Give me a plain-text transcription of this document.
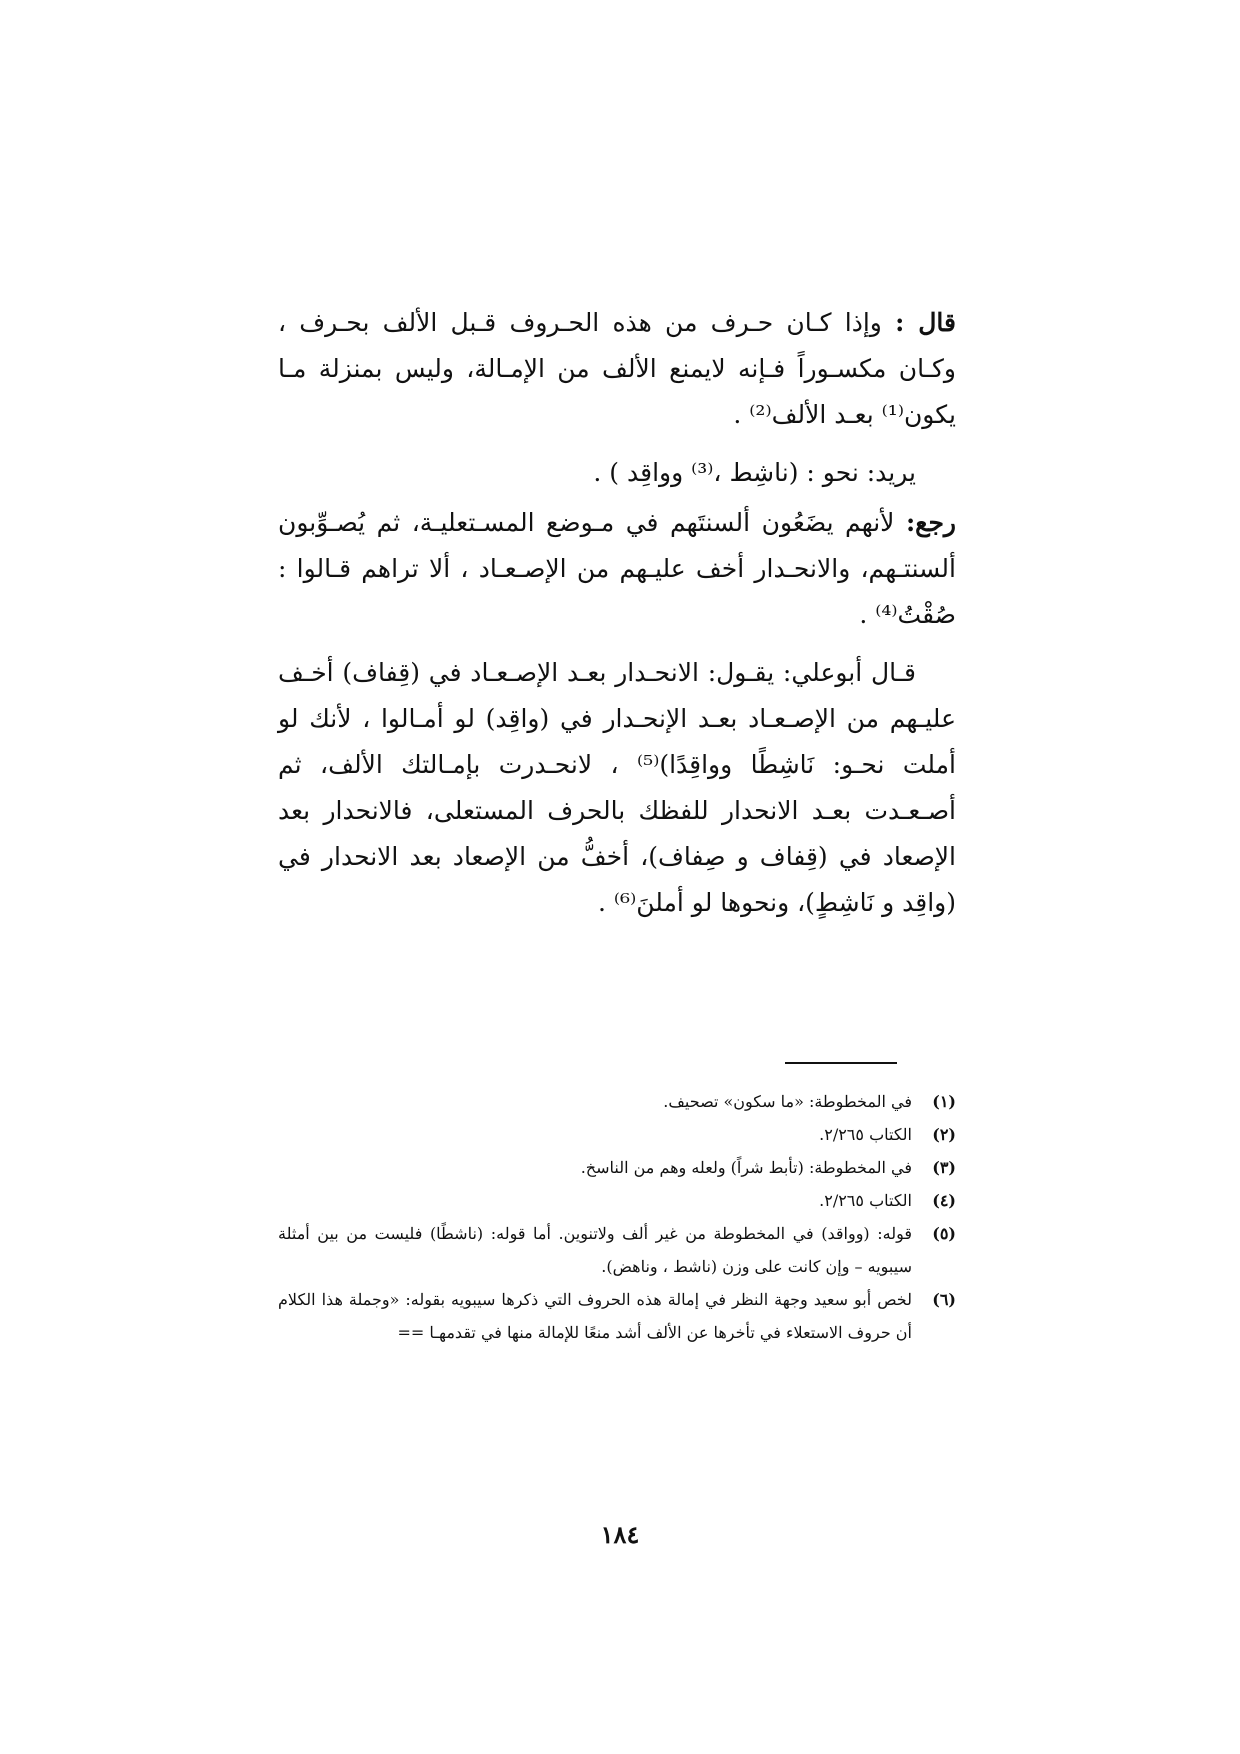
قال : وإذا كـان حـرف من هذه الحـروف قـبل الألف بحـرف ، وكـان مكسـوراً فـإنه لايمنع الألف من الإمـالة، وليس بمنزلة مـا يكون⁽¹⁾ بعـد الألف⁽²⁾ .

يريد: نحو : (ناشِط ،⁽³⁾ وواقِد ) .

رجع: لأنهم يضَعُون ألسنتَهم في مـوضع المسـتعليـة، ثم يُصـوِّبون ألسنتـهم، والانحـدار أخف عليـهم من الإصـعـاد ، ألا تراهم قـالوا : صُقْتُ⁽⁴⁾ .

قـال أبوعلي: يقـول: الانحـدار بعـد الإصـعـاد في (قِفاف) أخـف عليـهم من الإصـعـاد بعـد الإنحـدار في (واقِد) لو أمـالوا ، لأنك لو أملت نحـو: نَاشِطًا وواقِدًا)⁽⁵⁾ ، لانحـدرت بإمـالتك الألف، ثم أصـعـدت بعـد الانحدار للفظك بالحرف المستعلى، فالانحدار بعد الإصعاد في (قِفاف و صِفاف)، أخفُّ من الإصعاد بعد الانحدار في (واقِد و نَاشِطٍ)، ونحوها لو أملنَ⁽⁶⁾ .

(١)
في المخطوطة: «ما سكون» تصحيف.
(٢)
الكتاب ٢/٢٦٥.
(٣)
في المخطوطة: (تأبط شراً) ولعله وهم من الناسخ.
(٤)
الكتاب ٢/٢٦٥.
(٥)
قوله: (وواقد) في المخطوطة من غير ألف ولاتنوين. أما قوله: (ناشطًا) فليست من بين أمثلة سيبويه – وإن كانت على وزن (ناشط ، وناهض).
(٦)
لخص أبو سعيد وجهة النظر في إمالة هذه الحروف التي ذكرها سيبويه بقوله: «وجملة هذا الكلام أن حروف الاستعلاء في تأخرها عن الألف أشد منعًا للإمالة منها في تقدمهـا ==
١٨٤
